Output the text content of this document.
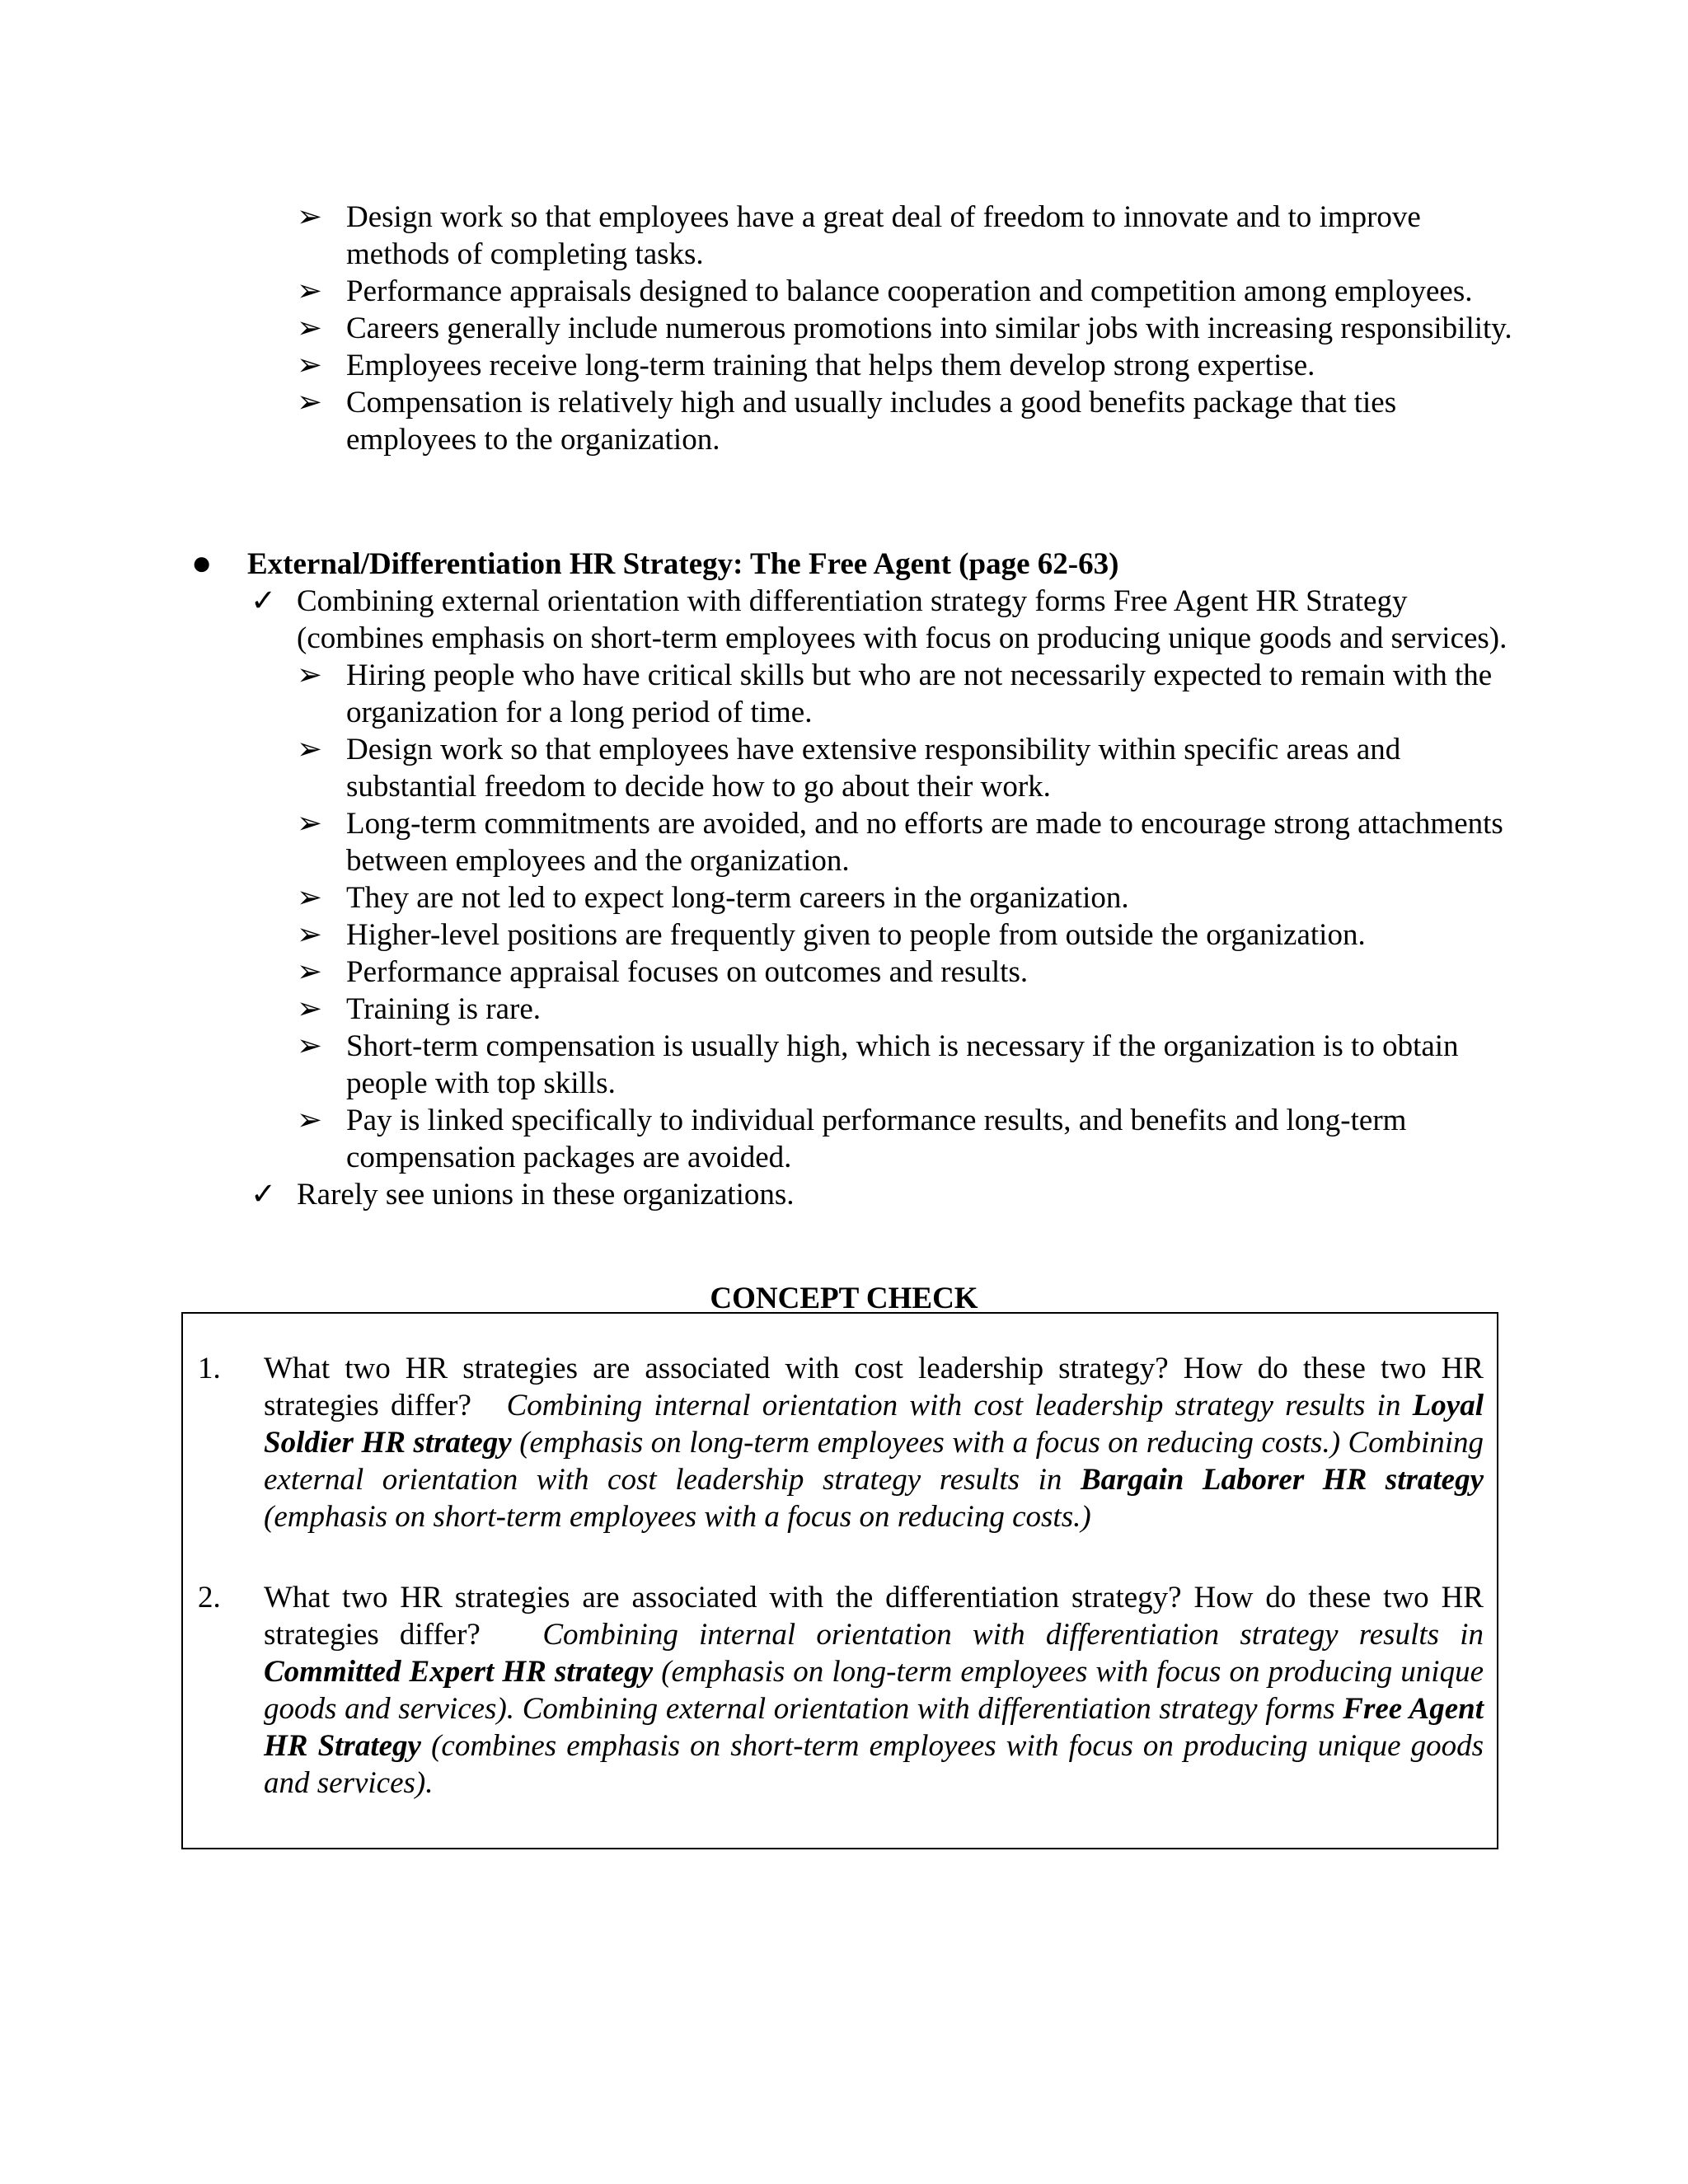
➢ Design work so that employees have a great deal of freedom to innovate and to improve methods of completing tasks.
➢ Performance appraisals designed to balance cooperation and competition among employees.
➢ Careers generally include numerous promotions into similar jobs with increasing responsibility.
➢ Employees receive long-term training that helps them develop strong expertise.
➢ Compensation is relatively high and usually includes a good benefits package that ties employees to the organization.
● External/Differentiation HR Strategy: The Free Agent (page 62-63)
✓ Combining external orientation with differentiation strategy forms Free Agent HR Strategy (combines emphasis on short-term employees with focus on producing unique goods and services).
➢ Hiring people who have critical skills but who are not necessarily expected to remain with the organization for a long period of time.
➢ Design work so that employees have extensive responsibility within specific areas and substantial freedom to decide how to go about their work.
➢ Long-term commitments are avoided, and no efforts are made to encourage strong attachments between employees and the organization.
➢ They are not led to expect long-term careers in the organization.
➢ Higher-level positions are frequently given to people from outside the organization.
➢ Performance appraisal focuses on outcomes and results.
➢ Training is rare.
➢ Short-term compensation is usually high, which is necessary if the organization is to obtain people with top skills.
➢ Pay is linked specifically to individual performance results, and benefits and long-term compensation packages are avoided.
✓ Rarely see unions in these organizations.
CONCEPT CHECK
1. What two HR strategies are associated with cost leadership strategy? How do these two HR strategies differ? Combining internal orientation with cost leadership strategy results in Loyal Soldier HR strategy (emphasis on long-term employees with a focus on reducing costs.) Combining external orientation with cost leadership strategy results in Bargain Laborer HR strategy (emphasis on short-term employees with a focus on reducing costs.)
2. What two HR strategies are associated with the differentiation strategy? How do these two HR strategies differ? Combining internal orientation with differentiation strategy results in Committed Expert HR strategy (emphasis on long-term employees with focus on producing unique goods and services). Combining external orientation with differentiation strategy forms Free Agent HR Strategy (combines emphasis on short-term employees with focus on producing unique goods and services).
